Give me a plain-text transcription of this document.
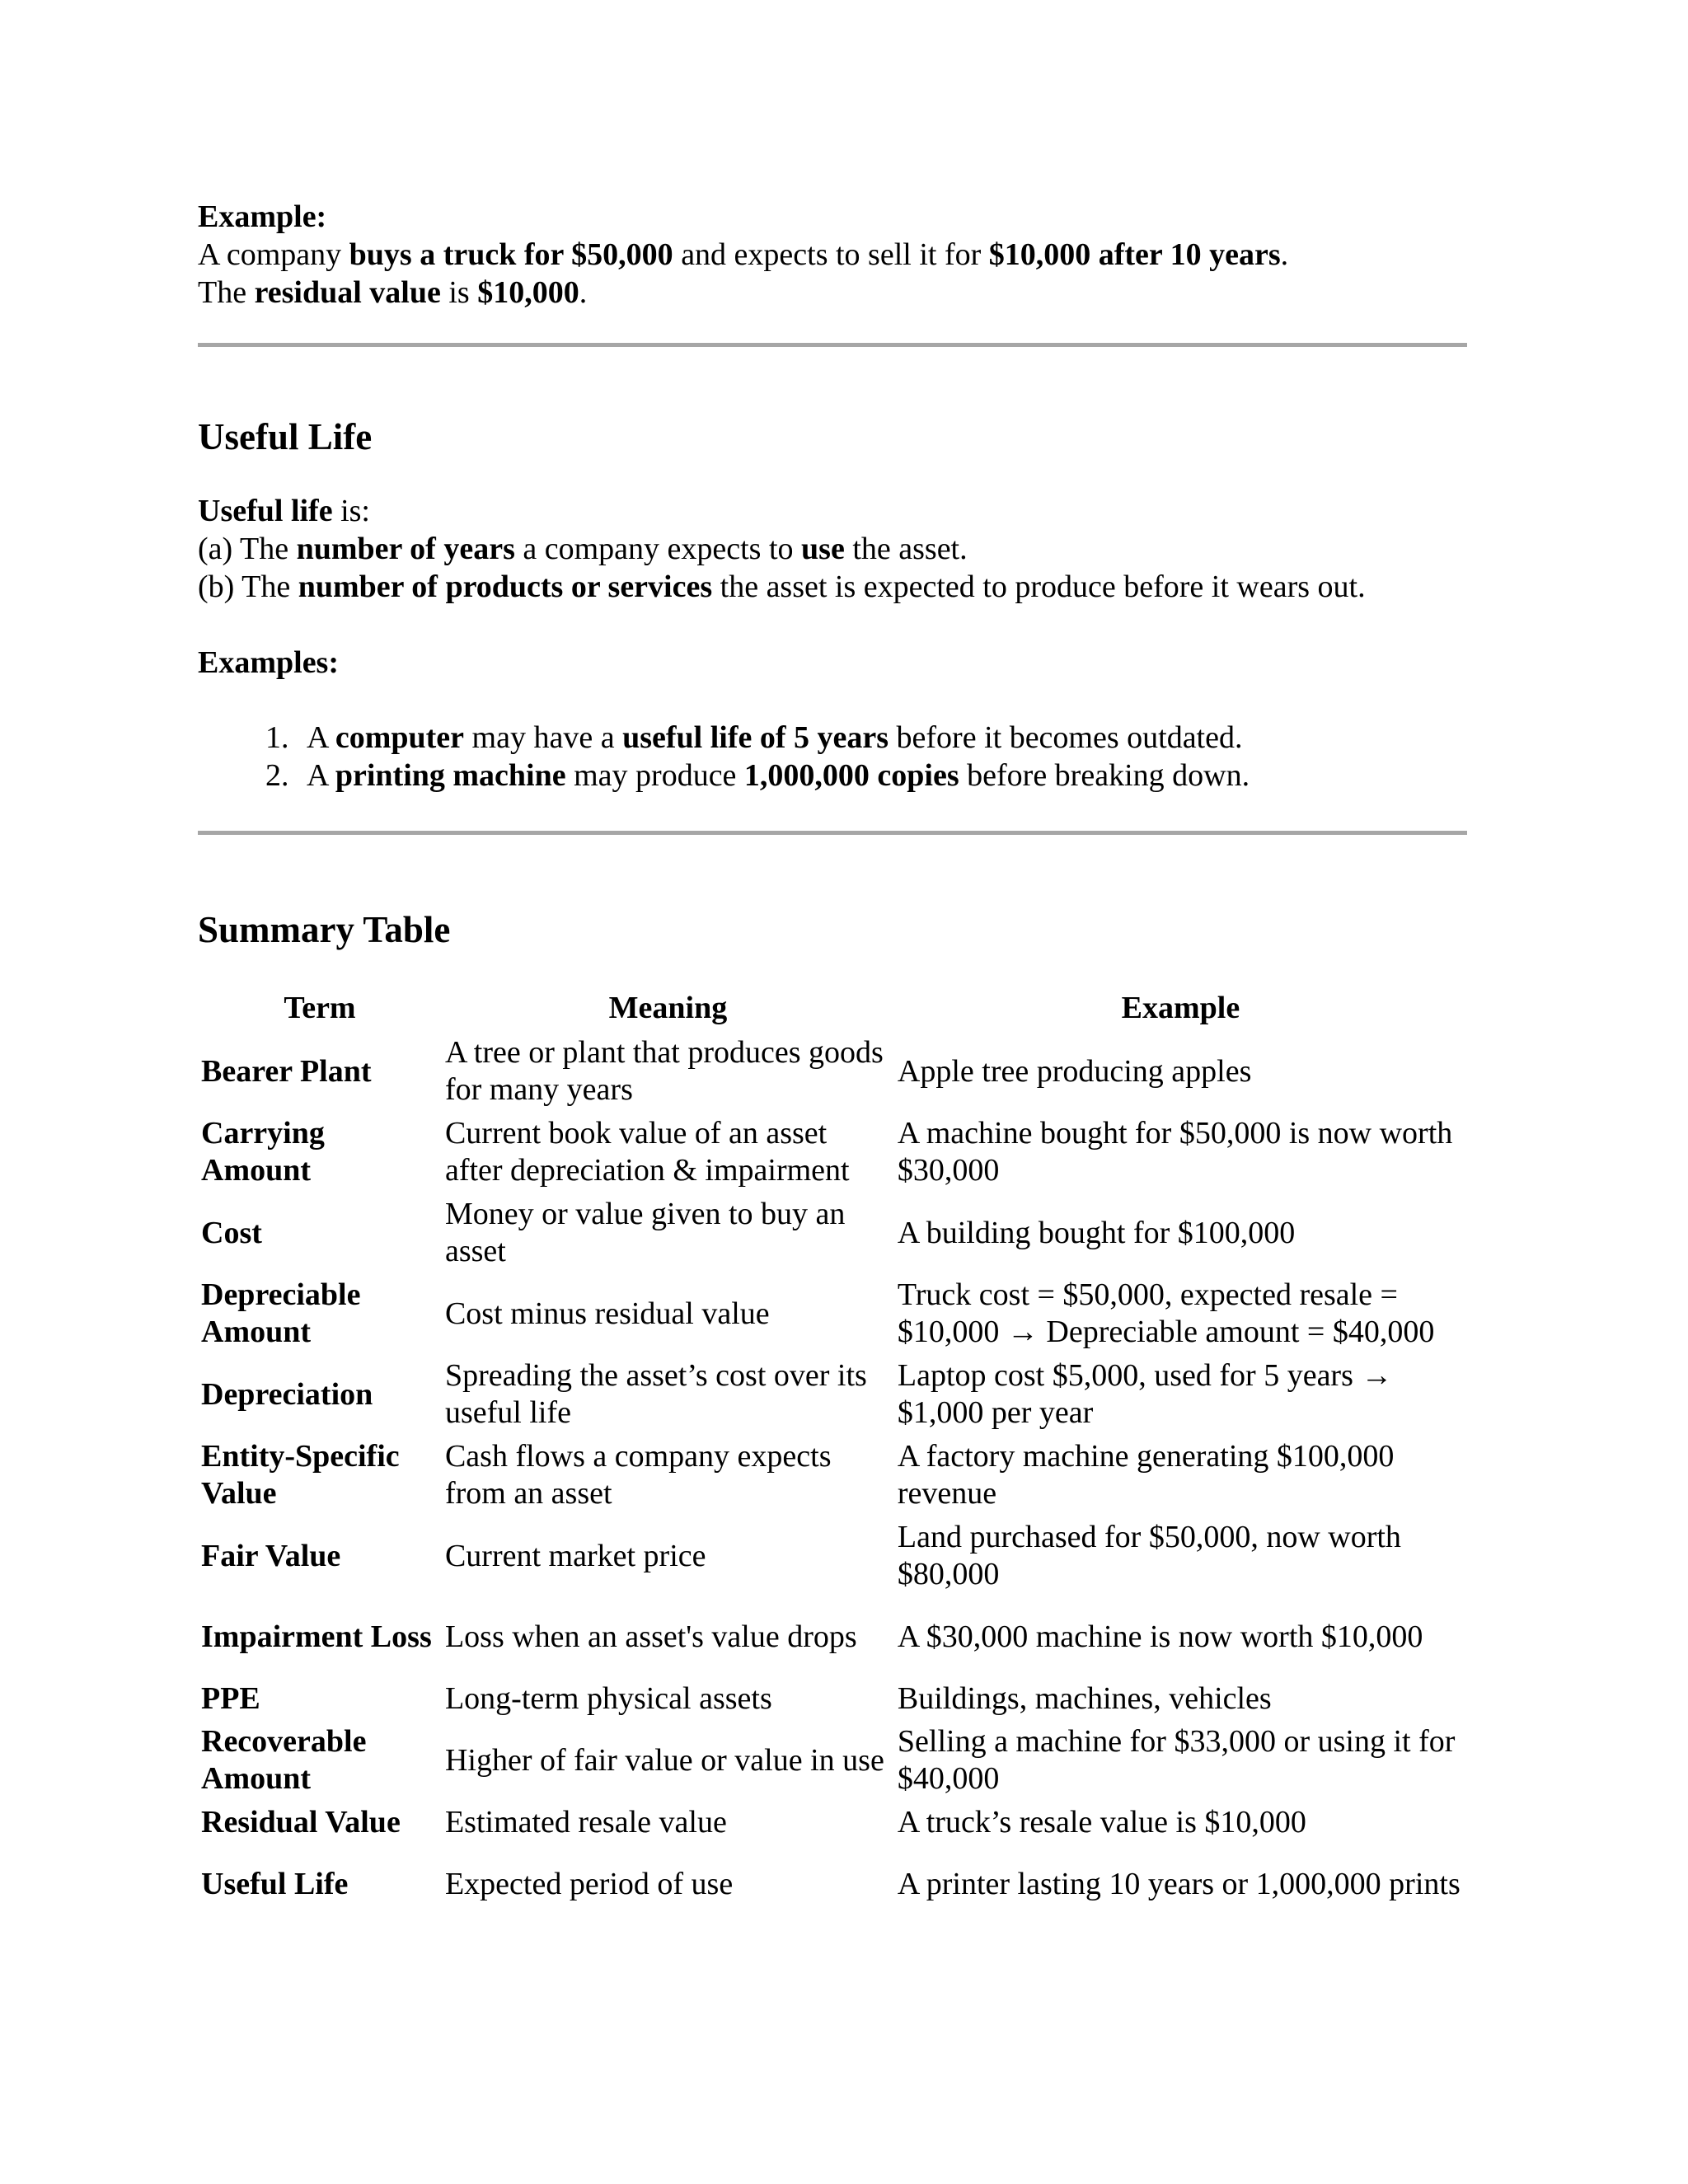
Example:

A company buys a truck for $50,000 and expects to sell it for $10,000 after 10 years.

The residual value is $10,000.

Useful Life

Useful life is:

(a) The number of years a company expects to use the asset.

(b) The number of products or services the asset is expected to produce before it wears out.

Examples:

1. A computer may have a useful life of 5 years before it becomes outdated.
2. A printing machine may produce 1,000,000 copies before breaking down.
Summary Table
Term	Meaning	Example
Bearer Plant	A tree or plant that produces goods for many years	Apple tree producing apples
Carrying Amount	Current book value of an asset after depreciation & impairment	A machine bought for $50,000 is now worth $30,000
Cost	Money or value given to buy an asset	A building bought for $100,000
Depreciable Amount	Cost minus residual value	Truck cost = $50,000, expected resale = $10,000 → Depreciable amount = $40,000
Depreciation	Spreading the asset’s cost over its useful life	Laptop cost $5,000, used for 5 years → $1,000 per year
Entity-Specific Value	Cash flows a company expects from an asset	A factory machine generating $100,000 revenue
Fair Value	Current market price	Land purchased for $50,000, now worth $80,000
Impairment Loss	Loss when an asset's value drops	A $30,000 machine is now worth $10,000
PPE	Long-term physical assets	Buildings, machines, vehicles
Recoverable Amount	Higher of fair value or value in use	Selling a machine for $33,000 or using it for $40,000
Residual Value	Estimated resale value	A truck’s resale value is $10,000
Useful Life	Expected period of use	A printer lasting 10 years or 1,000,000 prints
